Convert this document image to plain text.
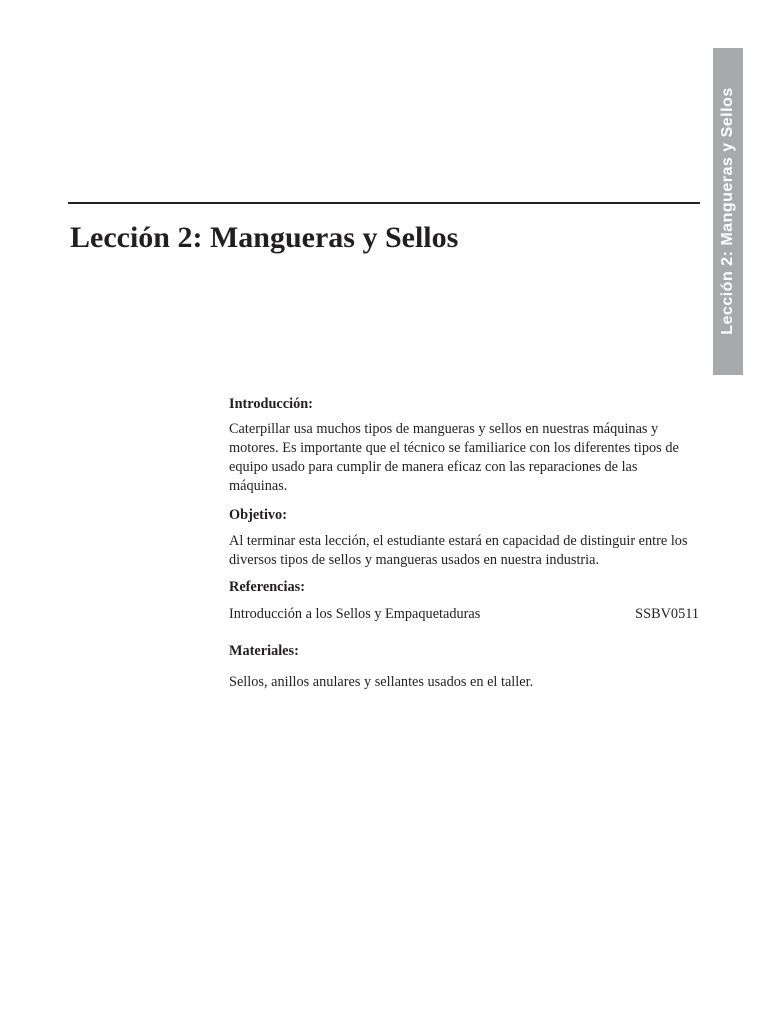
Lección 2: Mangueras y Sellos
Lección 2: Mangueras y Sellos
Introducción:

Caterpillar usa muchos tipos de mangueras y sellos en nuestras máquinas y motores. Es importante que el técnico se familiarice con los diferentes tipos de equipo usado para cumplir de manera eficaz con las reparaciones de las máquinas.

Objetivo:

Al terminar esta lección, el estudiante estará en capacidad de distinguir entre los diversos tipos de sellos y mangueras usados en nuestra industria.

Referencias:
Introducción a los Sellos y Empaquetaduras	SSBV0511
Materiales:

Sellos, anillos anulares y sellantes usados en el taller.
